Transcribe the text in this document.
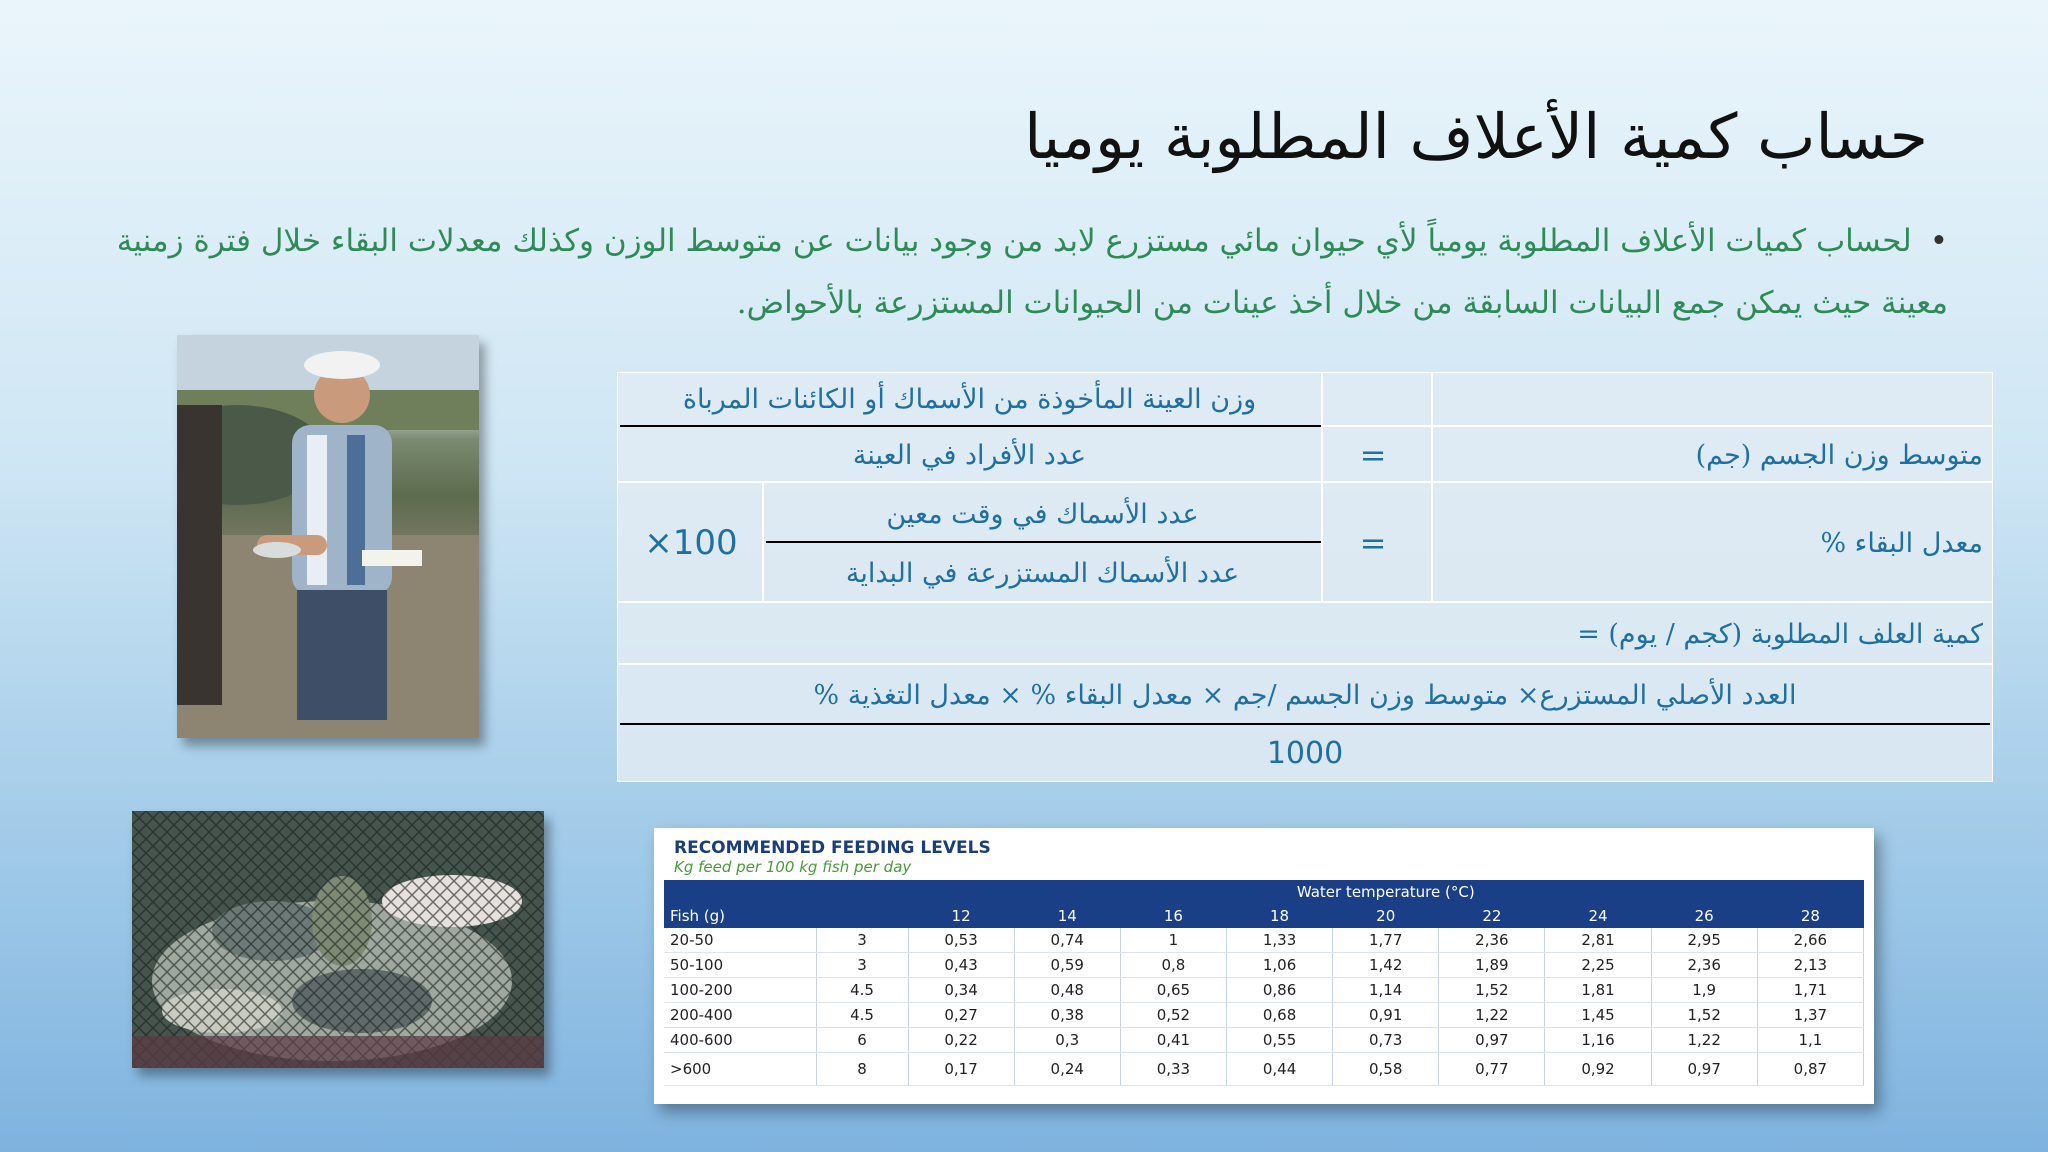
حساب كمية الأعلاف المطلوبة يوميا
•لحساب كميات الأعلاف المطلوبة يومياً لأي حيوان مائي مستزرع لابد من وجود بيانات عن متوسط الوزن وكذلك معدلات البقاء خلال فترة زمنية معينة حيث يمكن جمع البيانات السابقة من خلال أخذ عينات من الحيوانات المستزرعة بالأحواض.
وزن العينة المأخوذة من الأسماك أو الكائنات المرباة
عدد الأفراد في العينة	=	متوسط وزن الجسم (جم)
عدد الأسماك في وقت معين
عدد الأسماك المستزرعة في البداية
×100	=	معدل البقاء %
كمية العلف المطلوبة (كجم / يوم) =
العدد الأصلي المستزرع× متوسط وزن الجسم /جم × معدل البقاء % × معدل التغذية %
1000
RECOMMENDED FEEDING LEVELS
Kg feed per 100 kg fish per day
		Water temperature (°C)								
Fish (g)		12	14	16	18	20	22	24	26	28
20-50	3	0,53	0,74	1	1,33	1,77	2,36	2,81	2,95	2,66
50-100	3	0,43	0,59	0,8	1,06	1,42	1,89	2,25	2,36	2,13
100-200	4.5	0,34	0,48	0,65	0,86	1,14	1,52	1,81	1,9	1,71
200-400	4.5	0,27	0,38	0,52	0,68	0,91	1,22	1,45	1,52	1,37
400-600	6	0,22	0,3	0,41	0,55	0,73	0,97	1,16	1,22	1,1
>600	8	0,17	0,24	0,33	0,44	0,58	0,77	0,92	0,97	0,87
